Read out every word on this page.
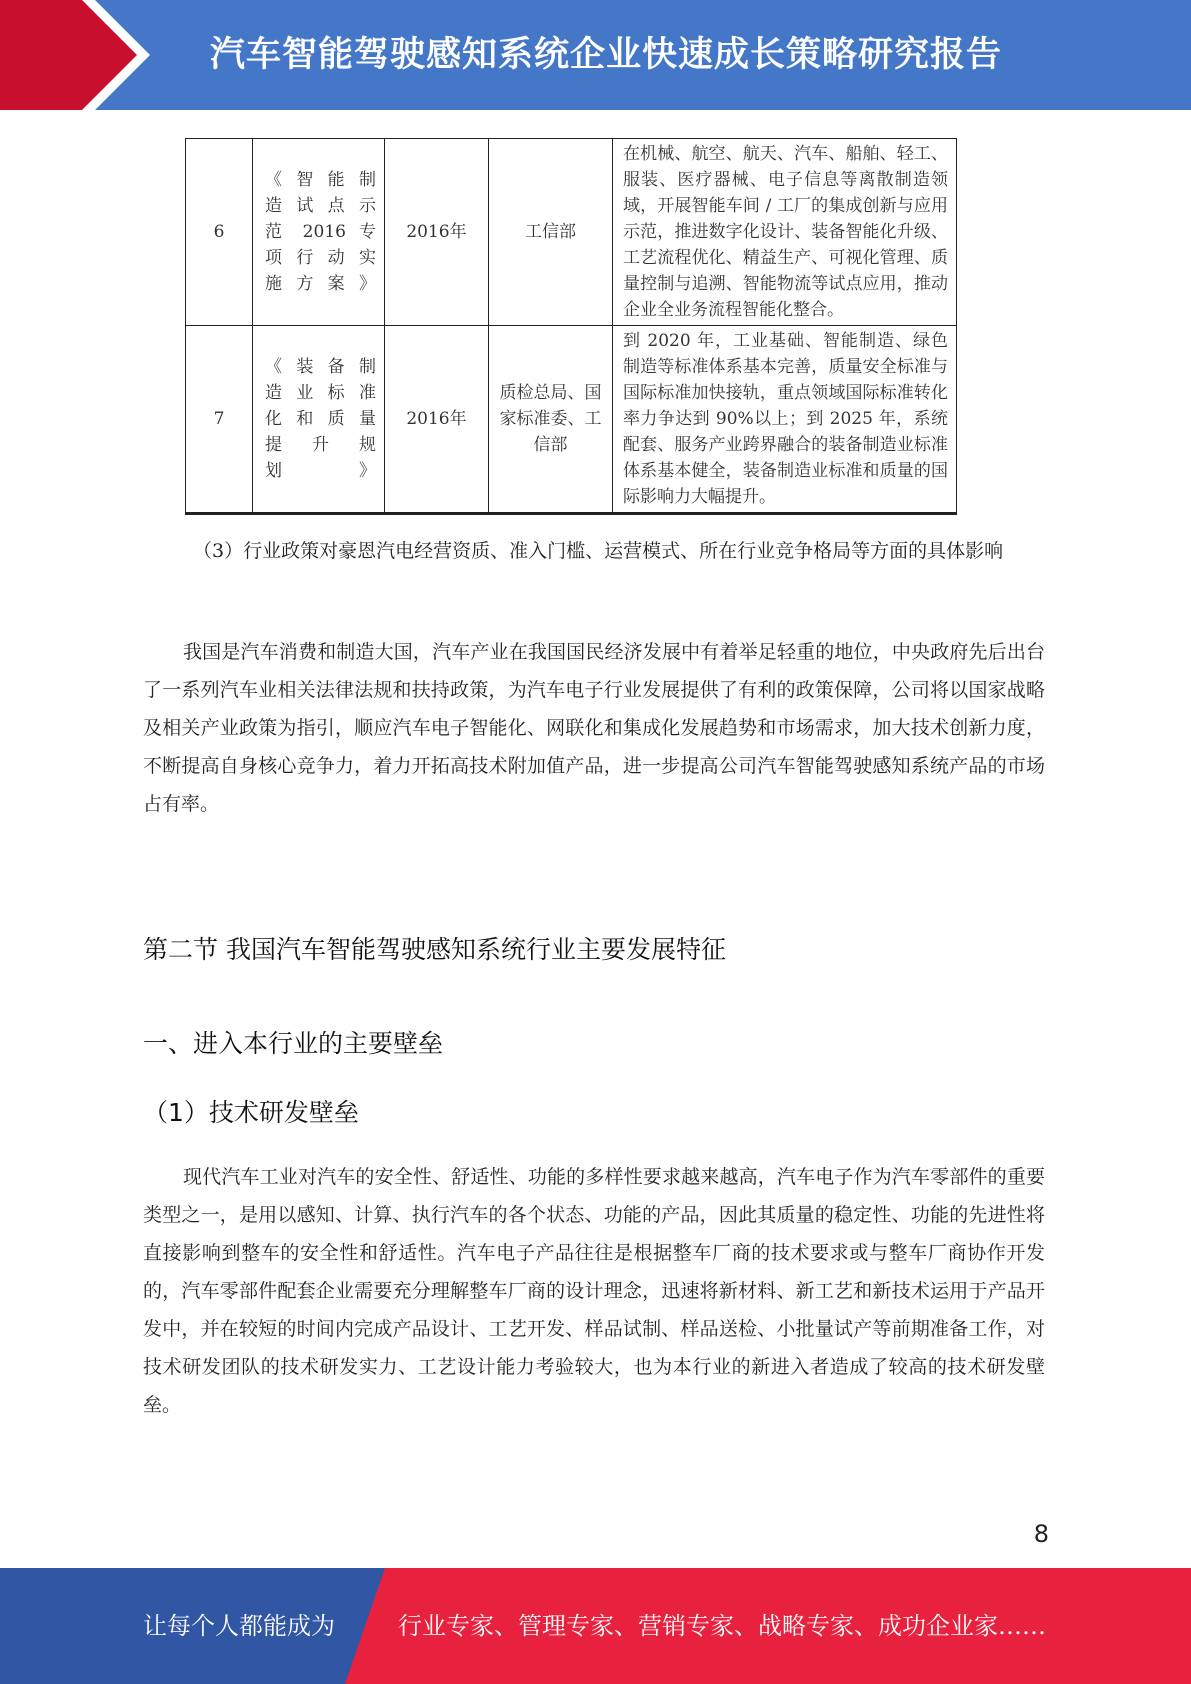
汽车智能驾驶感知系统企业快速成长策略研究报告
6	《智能制
造试点示
范 2016 专
项行动实
施方案》	2016年	工信部	在机械、航空、航天、汽车、船舶、轻工、服装、医疗器械、电子信息等离散制造领域，开展智能车间 / 工厂的集成创新与应用示范，推进数字化设计、装备智能化升级、工艺流程优化、精益生产、可视化管理、质量控制与追溯、智能物流等试点应用，推动企业全业务流程智能化整合。
7	《装备制
造业标准
化和质量
提 升 规
划》	2016年	质检总局、国家标准委、工信部	到 2020 年，工业基础、智能制造、绿色制造等标准体系基本完善，质量安全标准与国际标准加快接轨，重点领域国际标准转化率力争达到 90%以上；到 2025 年，系统配套、服务产业跨界融合的装备制造业标准体系基本健全，装备制造业标准和质量的国际影响力大幅提升。

（3）行业政策对豪恩汽电经营资质、准入门槛、运营模式、所在行业竞争格局等方面的具体影响

我国是汽车消费和制造大国，汽车产业在我国国民经济发展中有着举足轻重的地位，中央政府先后出台了一系列汽车业相关法律法规和扶持政策，为汽车电子行业发展提供了有利的政策保障，公司将以国家战略及相关产业政策为指引，顺应汽车电子智能化、网联化和集成化发展趋势和市场需求，加大技术创新力度，不断提高自身核心竞争力，着力开拓高技术附加值产品，进一步提高公司汽车智能驾驶感知系统产品的市场占有率。

第二节 我国汽车智能驾驶感知系统行业主要发展特征
一、进入本行业的主要壁垒
（1）技术研发壁垒

现代汽车工业对汽车的安全性、舒适性、功能的多样性要求越来越高，汽车电子作为汽车零部件的重要类型之一，是用以感知、计算、执行汽车的各个状态、功能的产品，因此其质量的稳定性、功能的先进性将直接影响到整车的安全性和舒适性。汽车电子产品往往是根据整车厂商的技术要求或与整车厂商协作开发的，汽车零部件配套企业需要充分理解整车厂商的设计理念，迅速将新材料、新工艺和新技术运用于产品开发中，并在较短的时间内完成产品设计、工艺开发、样品试制、样品送检、小批量试产等前期准备工作，对技术研发团队的技术研发实力、工艺设计能力考验较大，也为本行业的新进入者造成了较高的技术研发壁垒。

8
让每个人都能成为	行业专家、管理专家、营销专家、战略专家、成功企业家……
